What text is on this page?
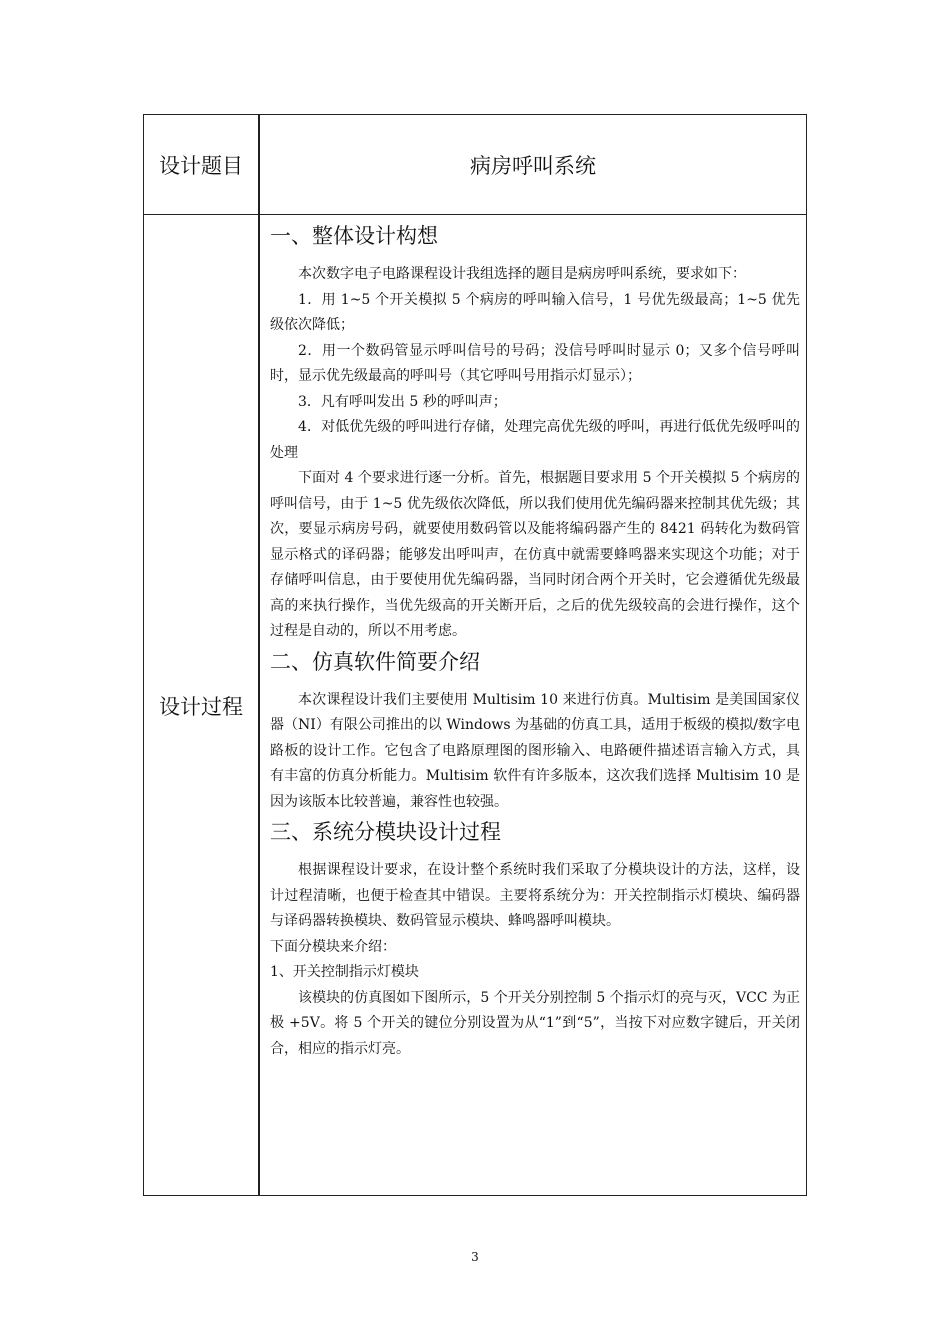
设计题目	病房呼叫系统
设计过程
一、整体设计构想

本次数字电子电路课程设计我组选择的题目是病房呼叫系统，要求如下：

1．用 1~5 个开关模拟 5 个病房的呼叫输入信号，1 号优先级最高；1~5 优先级依次降低；

2．用一个数码管显示呼叫信号的号码；没信号呼叫时显示 0；又多个信号呼叫时，显示优先级最高的呼叫号（其它呼叫号用指示灯显示）；

3．凡有呼叫发出 5 秒的呼叫声；

4．对低优先级的呼叫进行存储，处理完高优先级的呼叫，再进行低优先级呼叫的处理

下面对 4 个要求进行逐一分析。首先，根据题目要求用 5 个开关模拟 5 个病房的呼叫信号，由于 1~5 优先级依次降低，所以我们使用优先编码器来控制其优先级；其次，要显示病房号码，就要使用数码管以及能将编码器产生的 8421 码转化为数码管显示格式的译码器；能够发出呼叫声，在仿真中就需要蜂鸣器来实现这个功能；对于存储呼叫信息，由于要使用优先编码器，当同时闭合两个开关时，它会遵循优先级最高的来执行操作，当优先级高的开关断开后，之后的优先级较高的会进行操作，这个过程是自动的，所以不用考虑。

二、仿真软件简要介绍

本次课程设计我们主要使用 Multisim 10 来进行仿真。Multisim 是美国国家仪器（NI）有限公司推出的以 Windows 为基础的仿真工具，适用于板级的模拟/数字电路板的设计工作。它包含了电路原理图的图形输入、电路硬件描述语言输入方式，具有丰富的仿真分析能力。Multisim 软件有许多版本，这次我们选择 Multisim 10 是因为该版本比较普遍，兼容性也较强。

三、系统分模块设计过程

根据课程设计要求，在设计整个系统时我们采取了分模块设计的方法，这样，设计过程清晰，也便于检查其中错误。主要将系统分为：开关控制指示灯模块、编码器与译码器转换模块、数码管显示模块、蜂鸣器呼叫模块。

下面分模块来介绍：

1、开关控制指示灯模块

该模块的仿真图如下图所示，5 个开关分别控制 5 个指示灯的亮与灭，VCC 为正极 +5V。将 5 个开关的键位分别设置为从“1”到“5”，当按下对应数字键后，开关闭合，相应的指示灯亮。

3
